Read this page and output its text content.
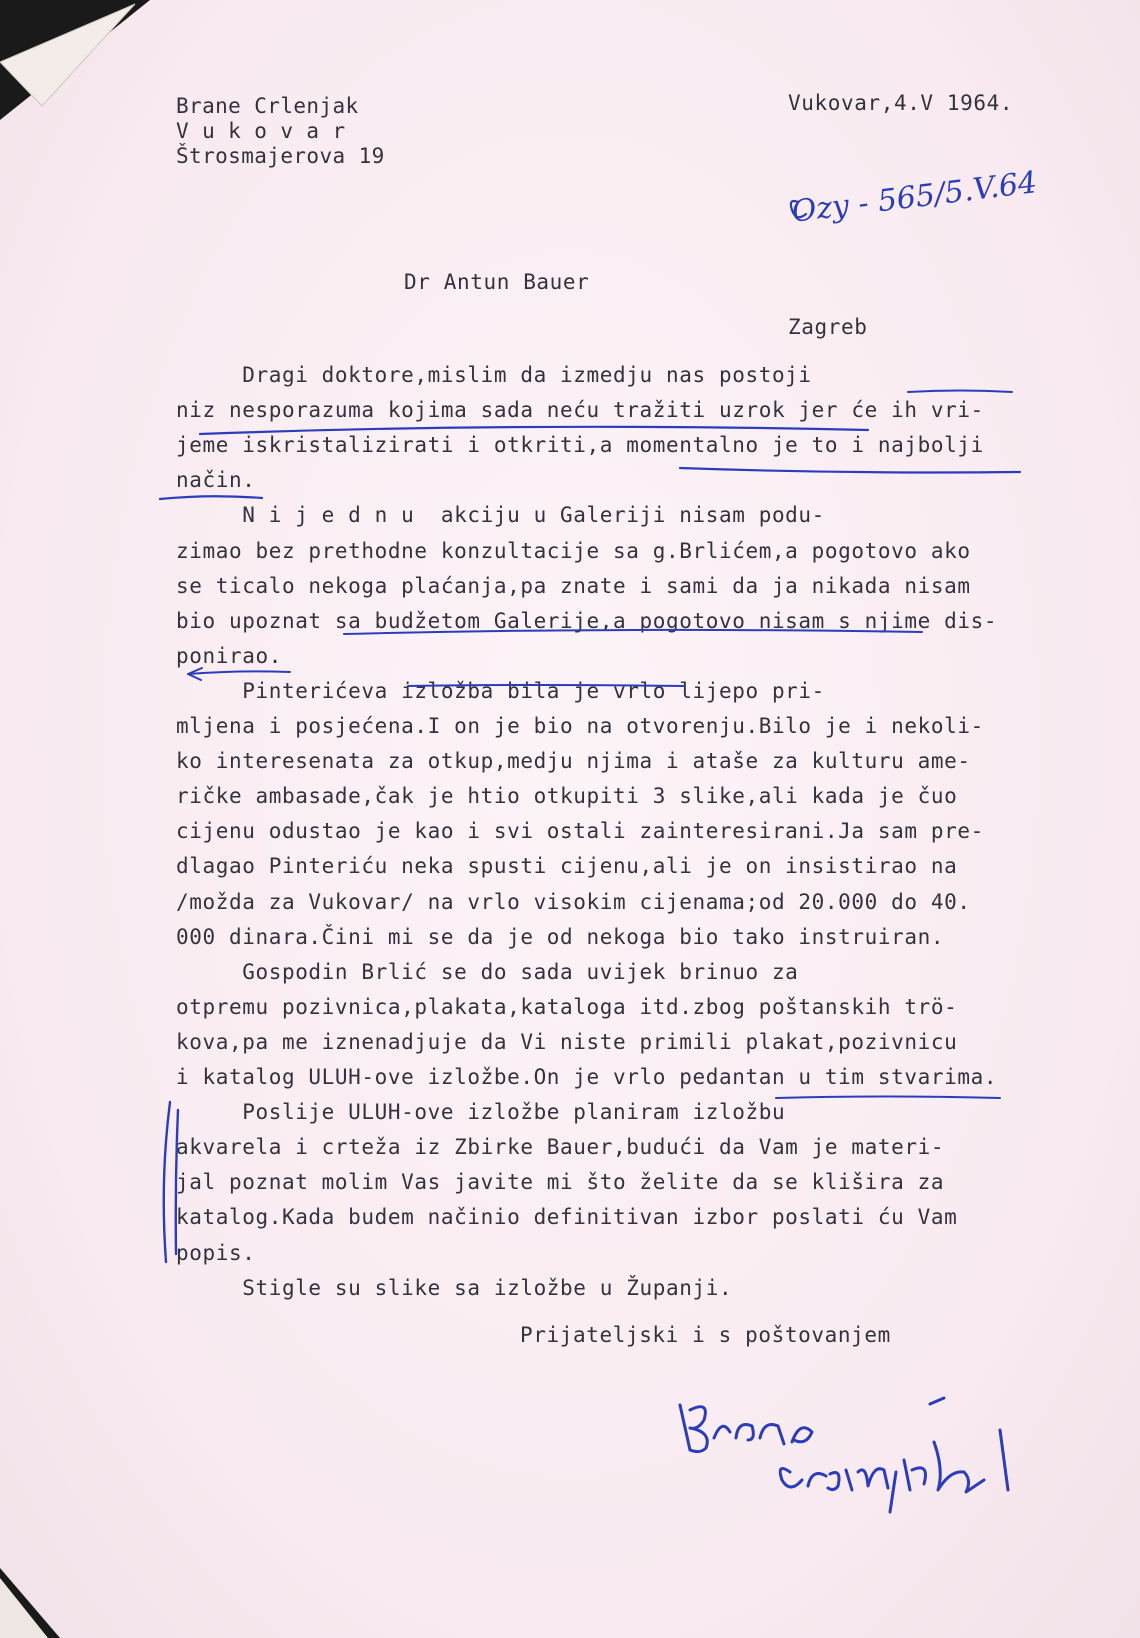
Brane Crlenjak
V u k o v a r
Štrosmajerova 19
Vukovar,4.V 1964.
Ozy - 565/5.V.64
Dr Antun Bauer
Zagreb
Dragi doktore,mislim da izmedju nas postoji
niz nesporazuma kojima sada neću tražiti uzrok jer će ih vri-
jeme iskristalizirati i otkriti,a momentalno je to i najbolji
način.
N i j e d n u  akciju u Galeriji nisam podu-
zimao bez prethodne konzultacije sa g.Brlićem,a pogotovo ako
se ticalo nekoga plaćanja,pa znate i sami da ja nikada nisam
bio upoznat sa budžetom Galerije,a pogotovo nisam s njime dis-
ponirao.
Pinterićeva izložba bila je vrlo lijepo pri-
mljena i posjećena.I on je bio na otvorenju.Bilo je i nekoli-
ko interesenata za otkup,medju njima i ataše za kulturu ame-
ričke ambasade,čak je htio otkupiti 3 slike,ali kada je čuo
cijenu odustao je kao i svi ostali zainteresirani.Ja sam pre-
dlagao Pinteriću neka spusti cijenu,ali je on insistirao na
/možda za Vukovar/ na vrlo visokim cijenama;od 20.000 do 40.
000 dinara.Čini mi se da je od nekoga bio tako instruiran.
Gospodin Brlić se do sada uvijek brinuo za
otpremu pozivnica,plakata,kataloga itd.zbog poštanskih trö-
kova,pa me iznenadjuje da Vi niste primili plakat,pozivnicu
i katalog ULUH-ove izložbe.On je vrlo pedantan u tim stvarima.
Poslije ULUH-ove izložbe planiram izložbu
akvarela i crteža iz Zbirke Bauer,budući da Vam je materi-
jal poznat molim Vas javite mi što želite da se klišira za
katalog.Kada budem načinio definitivan izbor poslati ću Vam
popis.
Stigle su slike sa izložbe u Županji.
Prijateljski i s poštovanjem
